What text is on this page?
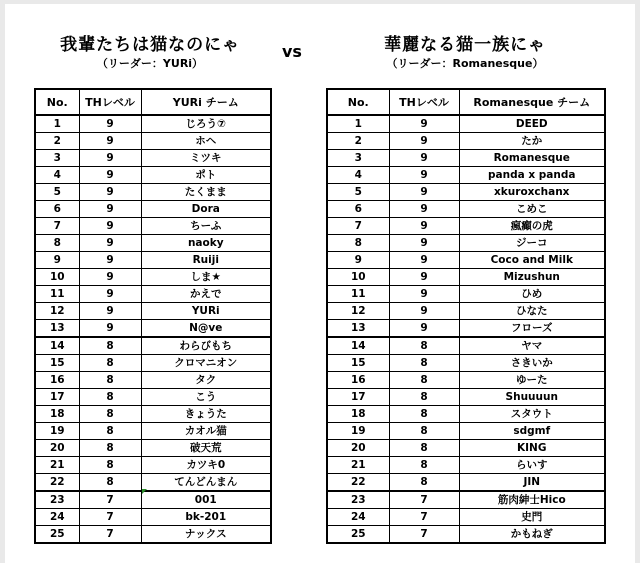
我輩たちは猫なのにゃ
（リーダー：YURi）
vs	華麗なる猫一族にゃ
（リーダー：Romanesque）
No.	THレベル	YURi チーム
1	9	じろう⑦
2	9	ホヘ
3	9	ミツキ
4	9	ポト
5	9	たくまま
6	9	Dora
7	9	ちーふ
8	9	naoky
9	9	Ruiji
10	9	しま★
11	9	かえで
12	9	YURi
13	9	N@ve
14	8	わらびもち
15	8	クロマニオン
16	8	タク
17	8	こう
18	8	きょうた
19	8	カオル猫
20	8	破天荒
21	8	カツキ0
22	8	てんどんまん
23	7	001
24	7	bk-201
25	7	ナックス
No.	THレベル	Romanesque チーム
1	9	DEED
2	9	たか
3	9	Romanesque
4	9	panda x panda
5	9	xkuroxchanx
6	9	こめこ
7	9	瘋癲の虎
8	9	ジーコ
9	9	Coco and Milk
10	9	Mizushun
11	9	ひめ
12	9	ひなた
13	9	フローズ
14	8	ヤマ
15	8	さきいか
16	8	ゆーた
17	8	Shuuuun
18	8	スタウト
19	8	sdgmf
20	8	KING
21	8	らいす
22	8	JIN
23	7	筋肉紳士Hico
24	7	史門
25	7	かもねぎ
